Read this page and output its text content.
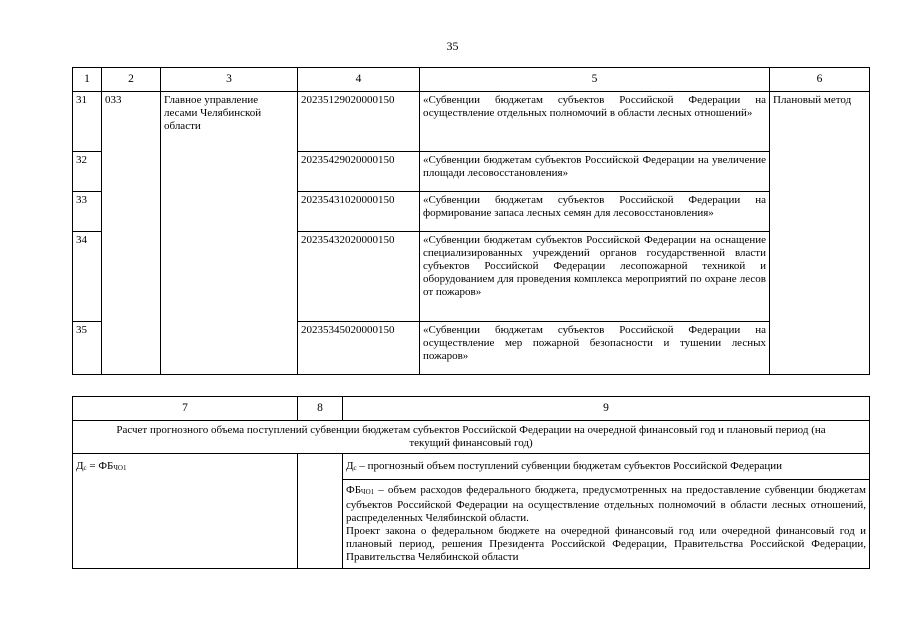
35
1	2	3	4	5	6
31	033	Главное управление лесами Челябинской области	20235129020000150	«Субвенции бюджетам субъектов Российской Федерации на осуществление отдельных полномочий в области лесных отношений»	Плановый метод
32			20235429020000150	«Субвенции бюджетам субъектов Российской Федерации на увеличение площади лесовосстановления»	
33			20235431020000150	«Субвенции бюджетам субъектов Российской Федерации на формирование запаса лесных семян для лесовосстановления»	
34			20235432020000150	«Субвенции бюджетам субъектов Российской Федерации на оснащение специализированных учреждений органов государственной власти субъектов Российской Федерации лесопожарной техникой и оборудованием для проведения комплекса мероприятий по охране лесов от пожаров»	
35			20235345020000150	«Субвенции бюджетам субъектов Российской Федерации на осуществление мер пожарной безопасности и тушении лесных пожаров»	
7	8	9
Расчет прогнозного объема поступлений субвенции бюджетам субъектов Российской Федерации на очередной финансовый год и плановый период (на текущий финансовый год)		
Дс = ФБЧО1		Дс – прогнозный объем поступлений субвенции бюджетам субъектов Российской Федерации

		ФБЧО1 – объем расходов федерального бюджета, предусмотренных на предоставление субвенции бюджетам субъектов Российской Федерации на осуществление отдельных полномочий в области лесных отношений, распределенных Челябинской области.

Проект закона о федеральном бюджете на очередной финансовый год или очередной финансовый год и плановый период, решения Президента Российской Федерации, Правительства Российской Федерации, Правительства Челябинской области
